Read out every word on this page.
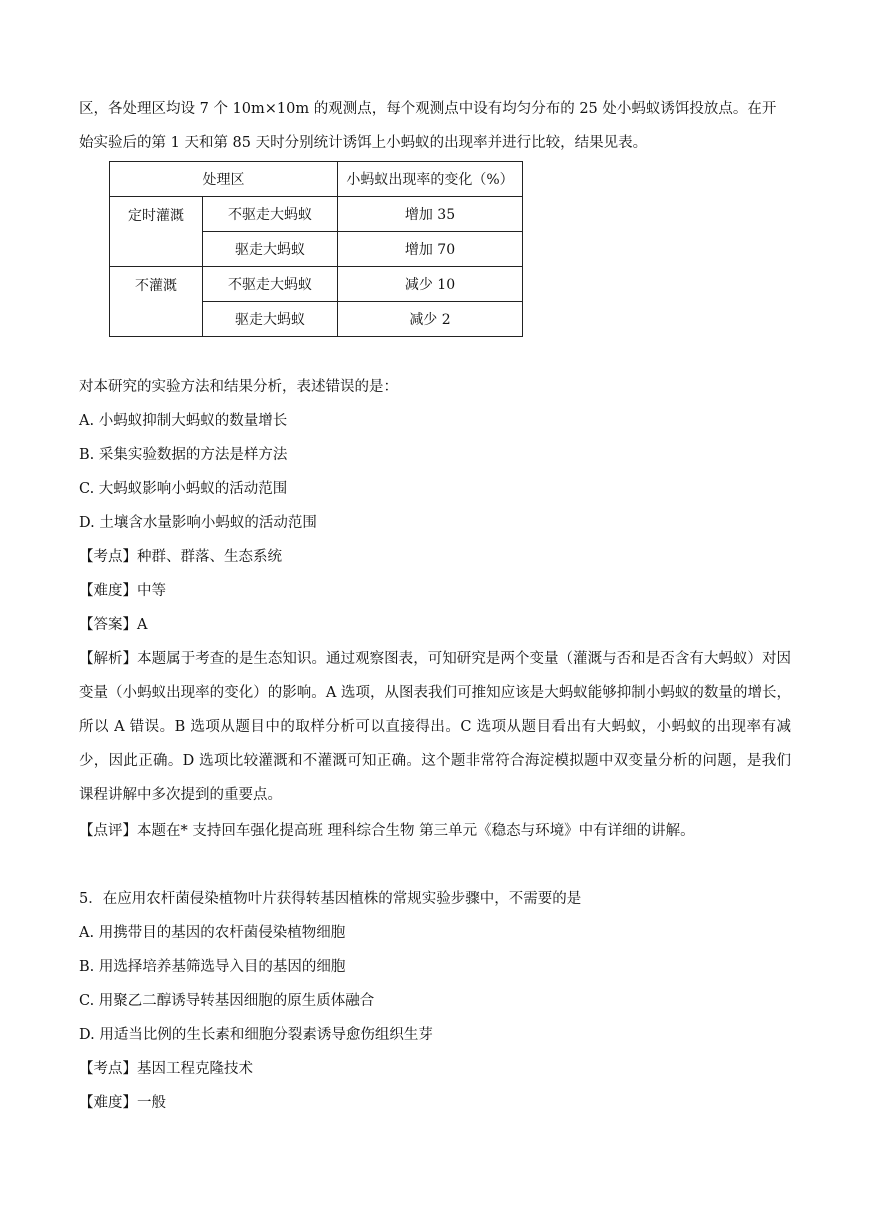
区，各处理区均设 7 个 10m×10m 的观测点，每个观测点中设有均匀分布的 25 处小蚂蚁诱饵投放点。在开
始实验后的第 1 天和第 85 天时分别统计诱饵上小蚂蚁的出现率并进行比较，结果见表。
处理区		小蚂蚁出现率的变化（%）
定时灌溉	不驱走大蚂蚁	增加 35
	驱走大蚂蚁	增加 70
不灌溉	不驱走大蚂蚁	减少 10
	驱走大蚂蚁	减少 2
对本研究的实验方法和结果分析，表述错误的是：
A. 小蚂蚁抑制大蚂蚁的数量增长
B. 采集实验数据的方法是样方法
C. 大蚂蚁影响小蚂蚁的活动范围
D. 土壤含水量影响小蚂蚁的活动范围
【考点】种群、群落、生态系统
【难度】中等
【答案】A
【解析】本题属于考查的是生态知识。通过观察图表，可知研究是两个变量（灌溉与否和是否含有大蚂蚁）对因变量（小蚂蚁出现率的变化）的影响。A 选项，从图表我们可推知应该是大蚂蚁能够抑制小蚂蚁的数量的增长，所以 A 错误。B 选项从题目中的取样分析可以直接得出。C 选项从题目看出有大蚂蚁，小蚂蚁的出现率有减少，因此正确。D 选项比较灌溉和不灌溉可知正确。这个题非常符合海淀模拟题中双变量分析的问题，是我们课程讲解中多次提到的重要点。
【点评】本题在* 支持回车强化提高班 理科综合生物 第三单元《稳态与环境》中有详细的讲解。
5．在应用农杆菌侵染植物叶片获得转基因植株的常规实验步骤中，不需要的是
A. 用携带目的基因的农杆菌侵染植物细胞
B. 用选择培养基筛选导入目的基因的细胞
C. 用聚乙二醇诱导转基因细胞的原生质体融合
D. 用适当比例的生长素和细胞分裂素诱导愈伤组织生芽
【考点】基因工程克隆技术
【难度】一般
